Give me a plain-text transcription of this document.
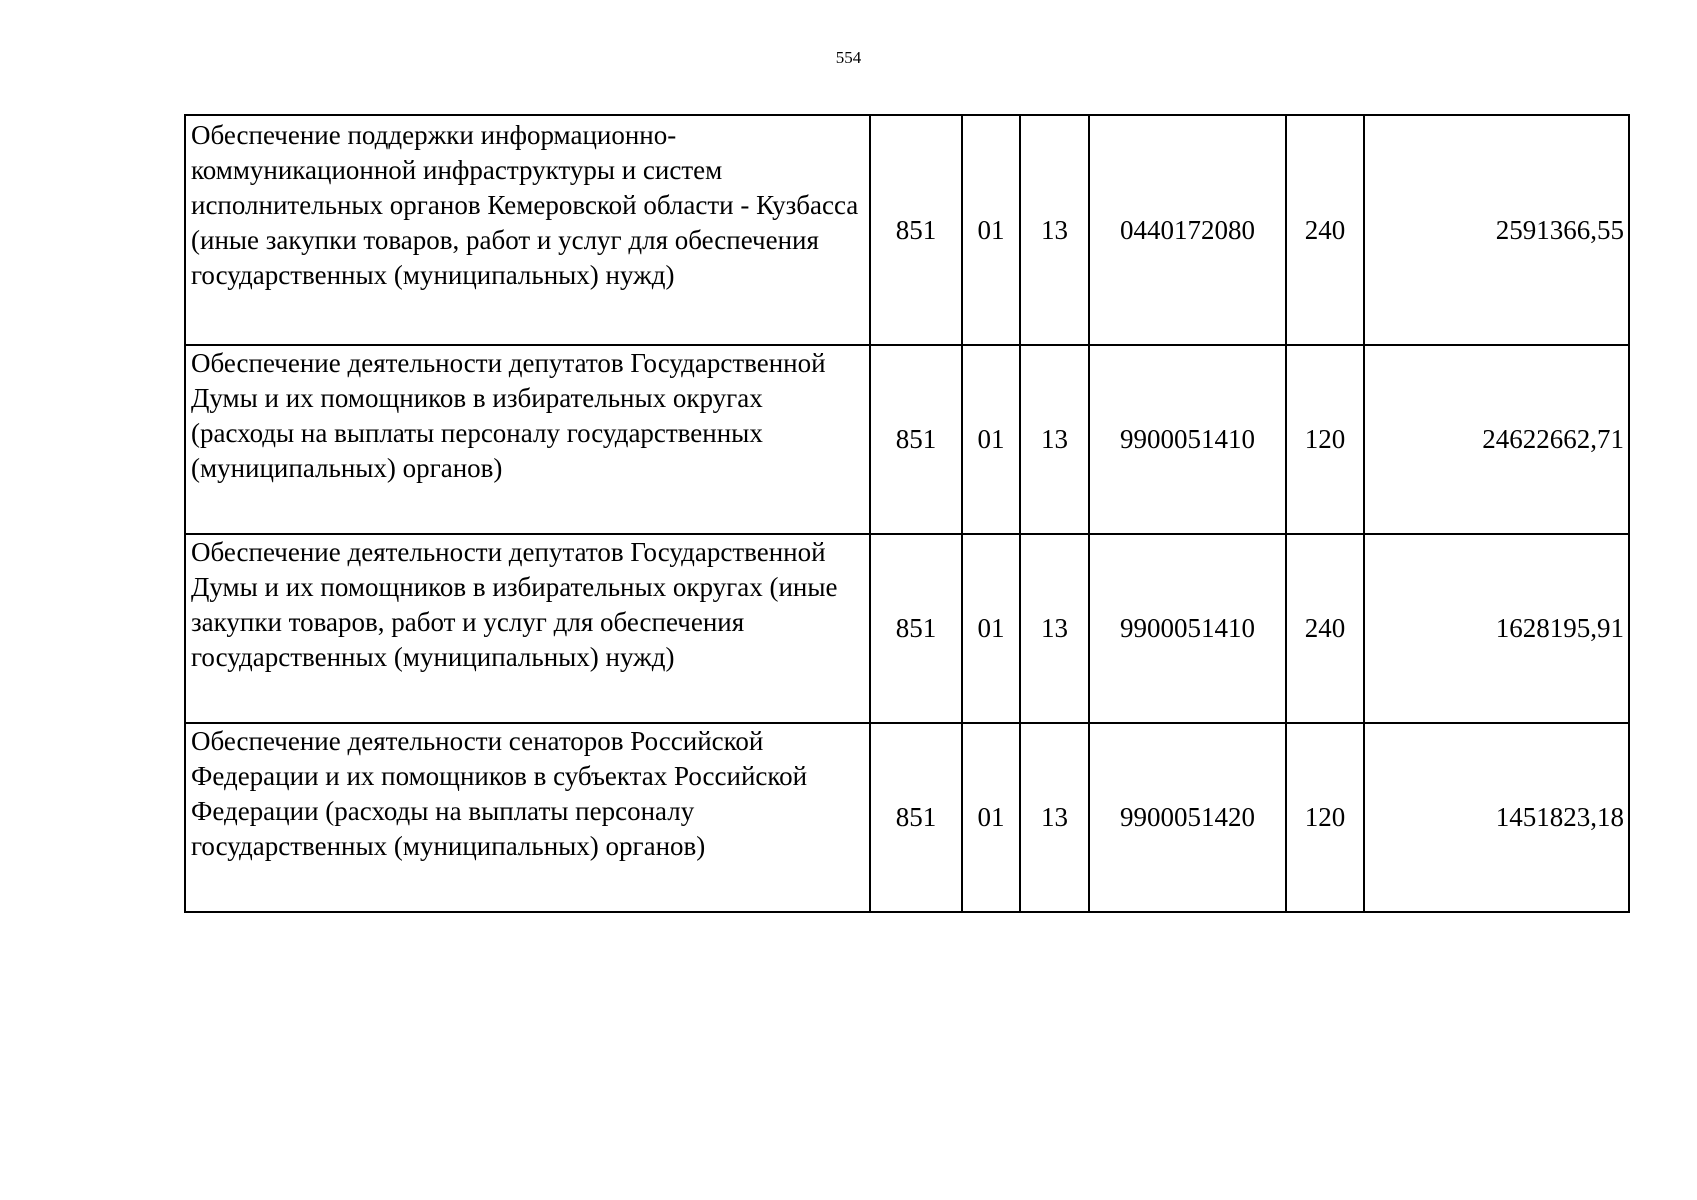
554
Обеспечение поддержки информационно-коммуникационной инфраструктуры и систем исполнительных органов Кемеровской области - Кузбасса (иные закупки товаров, работ и услуг для обеспечения государственных (муниципальных) нужд)	851	01	13	0440172080	240	2591366,55
Обеспечение деятельности депутатов Государственной Думы и их помощников в избирательных округах (расходы на выплаты персоналу государственных (муниципальных) органов)	851	01	13	9900051410	120	24622662,71
Обеспечение деятельности депутатов Государственной Думы и их помощников в избирательных округах (иные закупки товаров, работ и услуг для обеспечения государственных (муниципальных) нужд)	851	01	13	9900051410	240	1628195,91
Обеспечение деятельности сенаторов Российской Федерации и их помощников в субъектах Российской Федерации (расходы на выплаты персоналу государственных (муниципальных) органов)	851	01	13	9900051420	120	1451823,18
